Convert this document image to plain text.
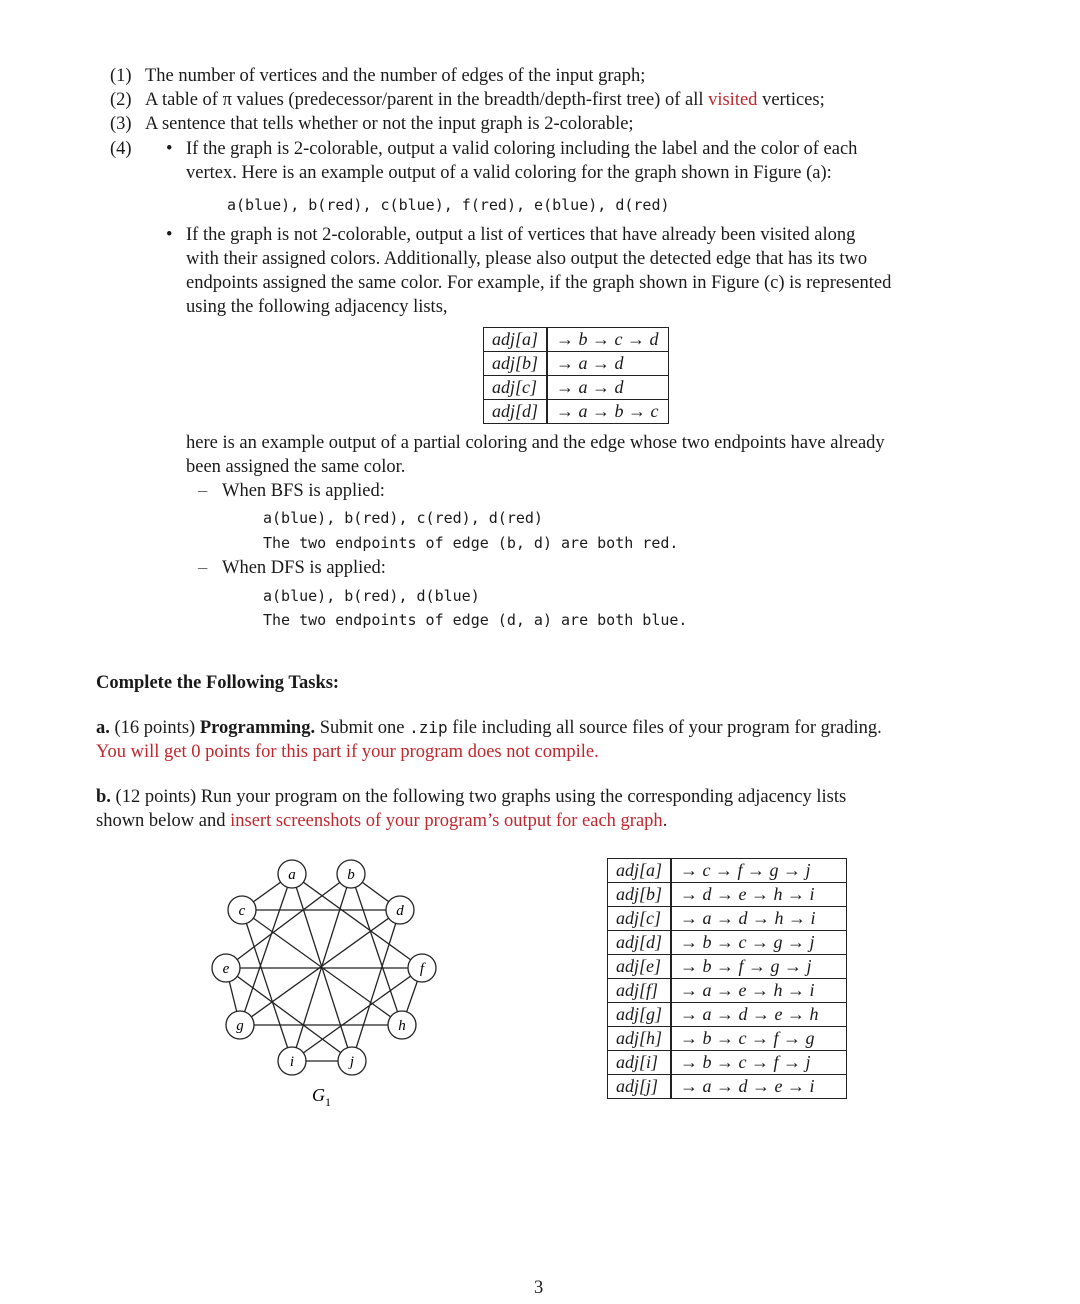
(1) The number of vertices and the number of edges of the input graph;
(2) A table of π values (predecessor/parent in the breadth/depth-first tree) of all visited vertices;
(3) A sentence that tells whether or not the input graph is 2-colorable;
(4)	• If the graph is 2-colorable, output a valid coloring including the label and the color of each
vertex. Here is an example output of a valid coloring for the graph shown in Figure (a):
a(blue), b(red), c(blue), f(red), e(blue), d(red)
• If the graph is not 2-colorable, output a list of vertices that have already been visited along
with their assigned colors. Additionally, please also output the detected edge that has its two
endpoints assigned the same color. For example, if the graph shown in Figure (c) is represented
using the following adjacency lists,
adj[a]	→ b → c → d
adj[b]	→ a → d
adj[c]	→ a → d
adj[d]	→ a → b → c
here is an example output of a partial coloring and the edge whose two endpoints have already
been assigned the same color.
– When BFS is applied:
– When DFS is applied:
a(blue), b(red), c(red), d(red)
The two endpoints of edge (b, d) are both red.
a(blue), b(red), d(blue)
The two endpoints of edge (d, a) are both blue.
Complete the Following Tasks:
a. (16 points) Programming. Submit one .zip file including all source files of your program for grading.
You will get 0 points for this part if your program does not compile.
b. (12 points) Run your program on the following two graphs using the corresponding adjacency lists
shown below and insert screenshots of your program’s output for each graph.
a	b
c	d
e	f
g	h
i	j
$G_1$
adj[a]	→ c → f → g → j
adj[b]	→ d → e → h → i
adj[c]	→ a → d → h → i
adj[d]	→ b → c → g → j
adj[e]	→ b → f → g → j
adj[f]	→ a → e → h → i
adj[g]	→ a → d → e → h
adj[h]	→ b → c → f → g
adj[i]	→ b → c → f → j
adj[j]	→ a → d → e → i
3
